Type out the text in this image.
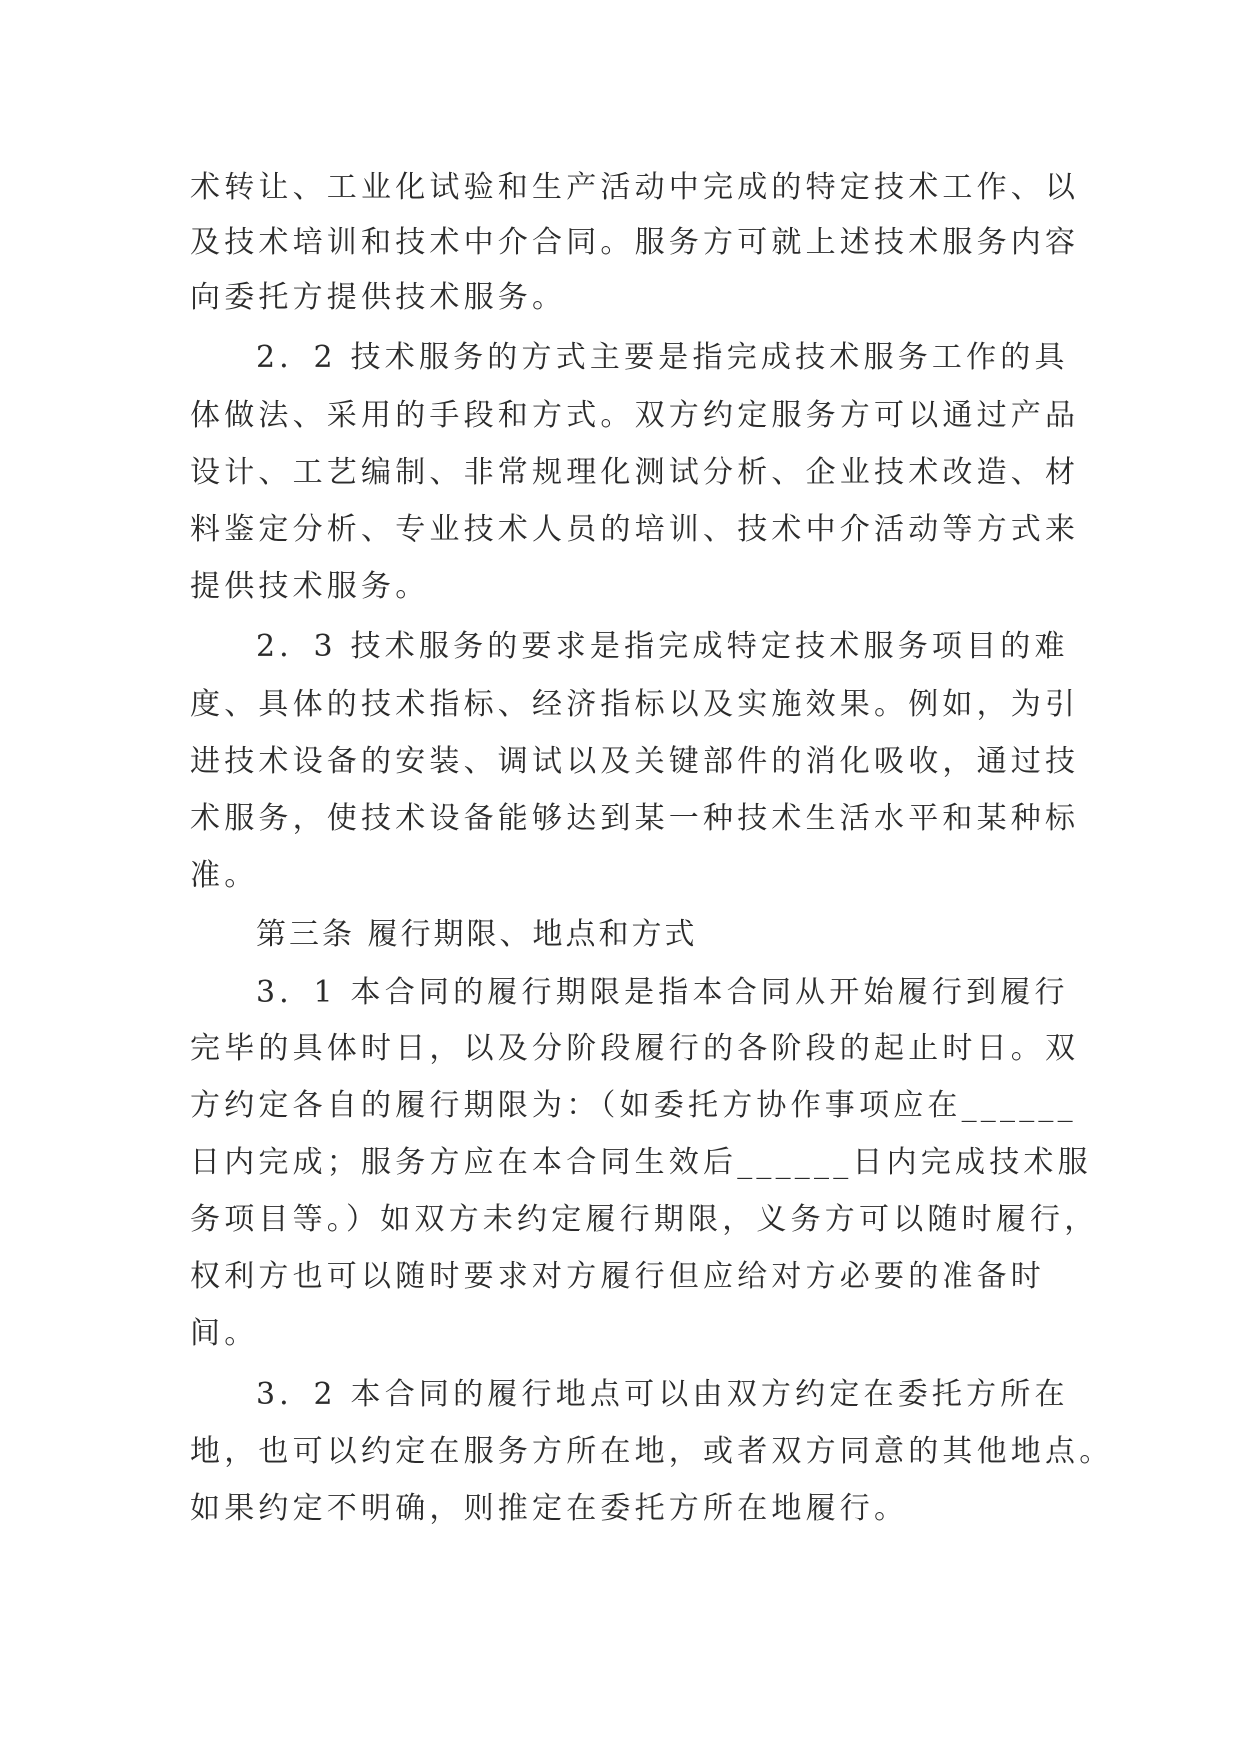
术转让、工业化试验和生产活动中完成的特定技术工作、以
及技术培训和技术中介合同。服务方可就上述技术服务内容
向委托方提供技术服务。
2．2 技术服务的方式主要是指完成技术服务工作的具
体做法、采用的手段和方式。双方约定服务方可以通过产品
设计、工艺编制、非常规理化测试分析、企业技术改造、材
料鉴定分析、专业技术人员的培训、技术中介活动等方式来
提供技术服务。
2．3 技术服务的要求是指完成特定技术服务项目的难
度、具体的技术指标、经济指标以及实施效果。例如，为引
进技术设备的安装、调试以及关键部件的消化吸收，通过技
术服务，使技术设备能够达到某一种技术生活水平和某种标
准。
第三条 履行期限、地点和方式
3．1 本合同的履行期限是指本合同从开始履行到履行
完毕的具体时日，以及分阶段履行的各阶段的起止时日。双
方约定各自的履行期限为：（如委托方协作事项应在______
日内完成；服务方应在本合同生效后______日内完成技术服
务项目等。）如双方未约定履行期限，义务方可以随时履行，
权利方也可以随时要求对方履行但应给对方必要的准备时
间。
3．2 本合同的履行地点可以由双方约定在委托方所在
地，也可以约定在服务方所在地，或者双方同意的其他地点。
如果约定不明确，则推定在委托方所在地履行。
